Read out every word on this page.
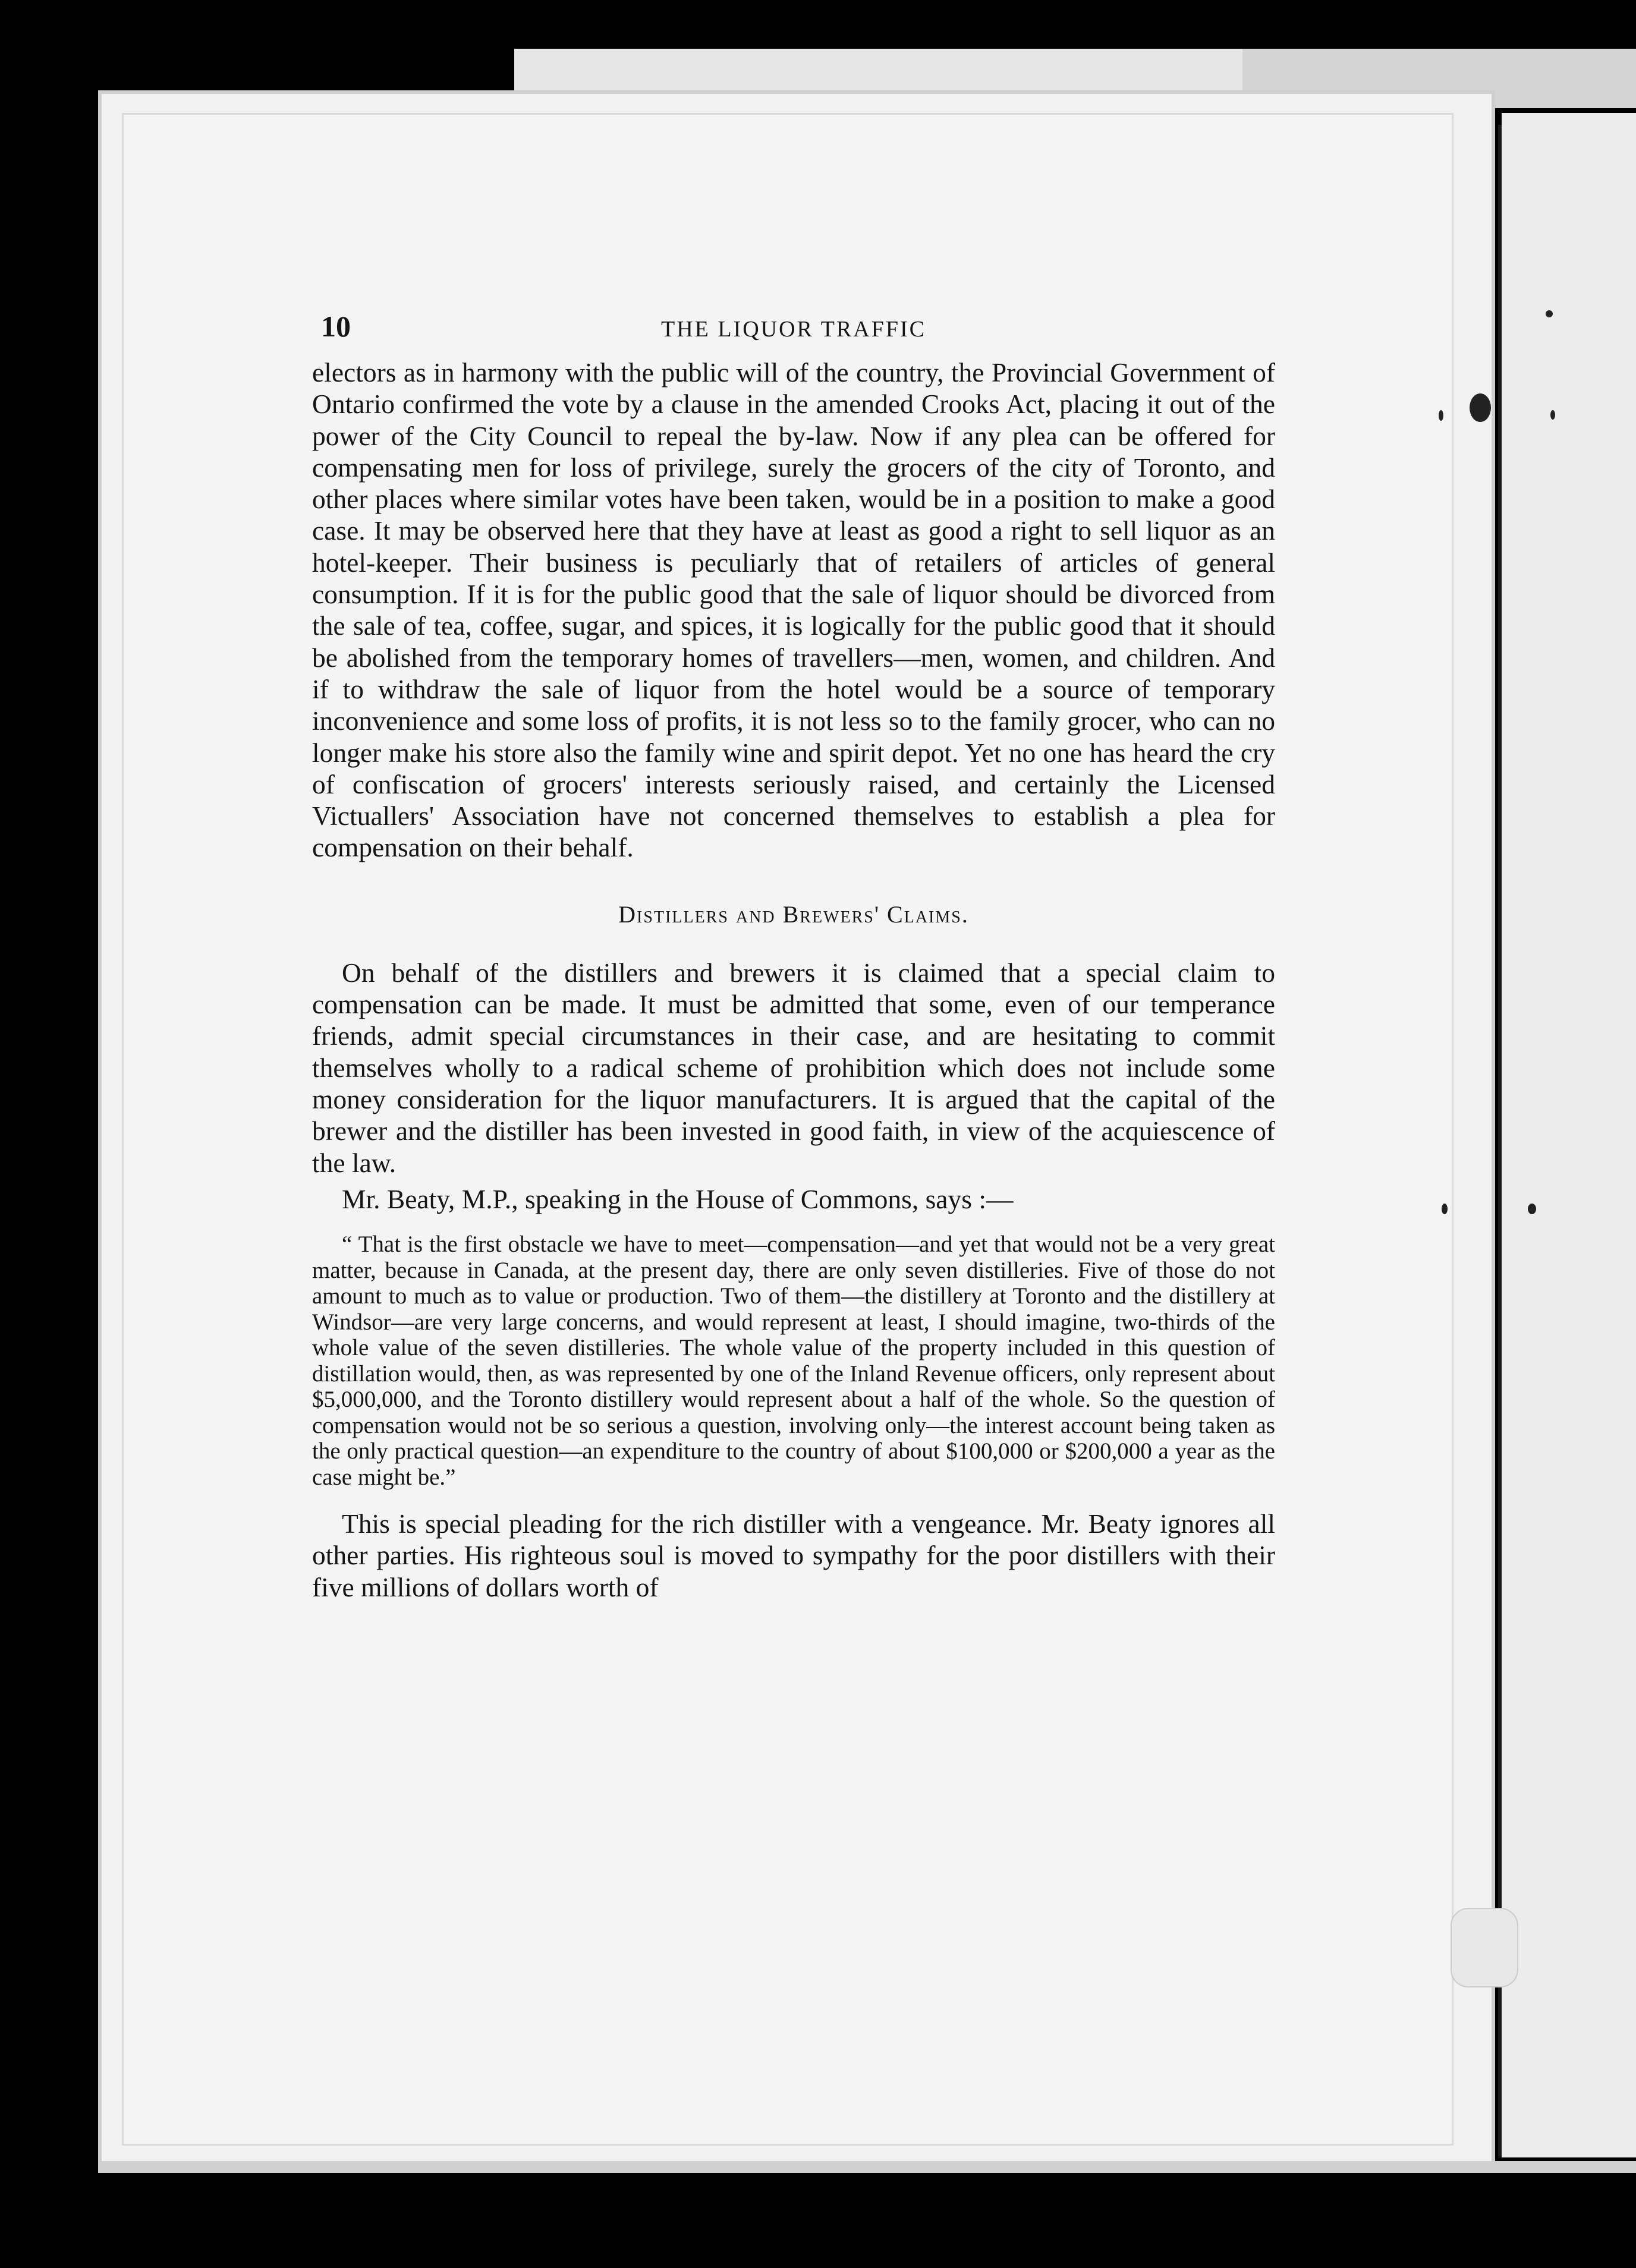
10	THE LIQUOR TRAFFIC

electors as in harmony with the public will of the country, the Provincial Government of Ontario confirmed the vote by a clause in the amended Crooks Act, placing it out of the power of the City Council to repeal the by-law. Now if any plea can be offered for compensating men for loss of privilege, surely the grocers of the city of Toronto, and other places where similar votes have been taken, would be in a position to make a good case. It may be observed here that they have at least as good a right to sell liquor as an hotel-keeper. Their business is peculiarly that of retailers of articles of general consumption. If it is for the public good that the sale of liquor should be divorced from the sale of tea, coffee, sugar, and spices, it is logically for the public good that it should be abolished from the temporary homes of travellers—men, women, and children. And if to withdraw the sale of liquor from the hotel would be a source of temporary inconvenience and some loss of profits, it is not less so to the family grocer, who can no longer make his store also the family wine and spirit depot. Yet no one has heard the cry of confiscation of grocers' interests seriously raised, and certainly the Licensed Victuallers' Association have not concerned themselves to establish a plea for compensation on their behalf.

Distillers and Brewers' Claims.

On behalf of the distillers and brewers it is claimed that a special claim to compensation can be made. It must be admitted that some, even of our temperance friends, admit special circumstances in their case, and are hesitating to commit themselves wholly to a radical scheme of prohibition which does not include some money consideration for the liquor manufacturers. It is argued that the capital of the brewer and the distiller has been invested in good faith, in view of the acquiescence of the law.

Mr. Beaty, M.P., speaking in the House of Commons, says :—

“ That is the first obstacle we have to meet—compensation—and yet that would not be a very great matter, because in Canada, at the present day, there are only seven distilleries. Five of those do not amount to much as to value or production. Two of them—the distillery at Toronto and the distillery at Windsor—are very large concerns, and would represent at least, I should imagine, two-thirds of the whole value of the seven distilleries. The whole value of the property included in this question of distillation would, then, as was represented by one of the Inland Revenue officers, only represent about $5,000,000, and the Toronto distillery would represent about a half of the whole. So the question of compensation would not be so serious a question, involving only—the interest account being taken as the only practical question—an expenditure to the country of about $100,000 or $200,000 a year as the case might be.”

This is special pleading for the rich distiller with a vengeance. Mr. Beaty ignores all other parties. His righteous soul is moved to sympathy for the poor distillers with their five millions of dollars worth of
